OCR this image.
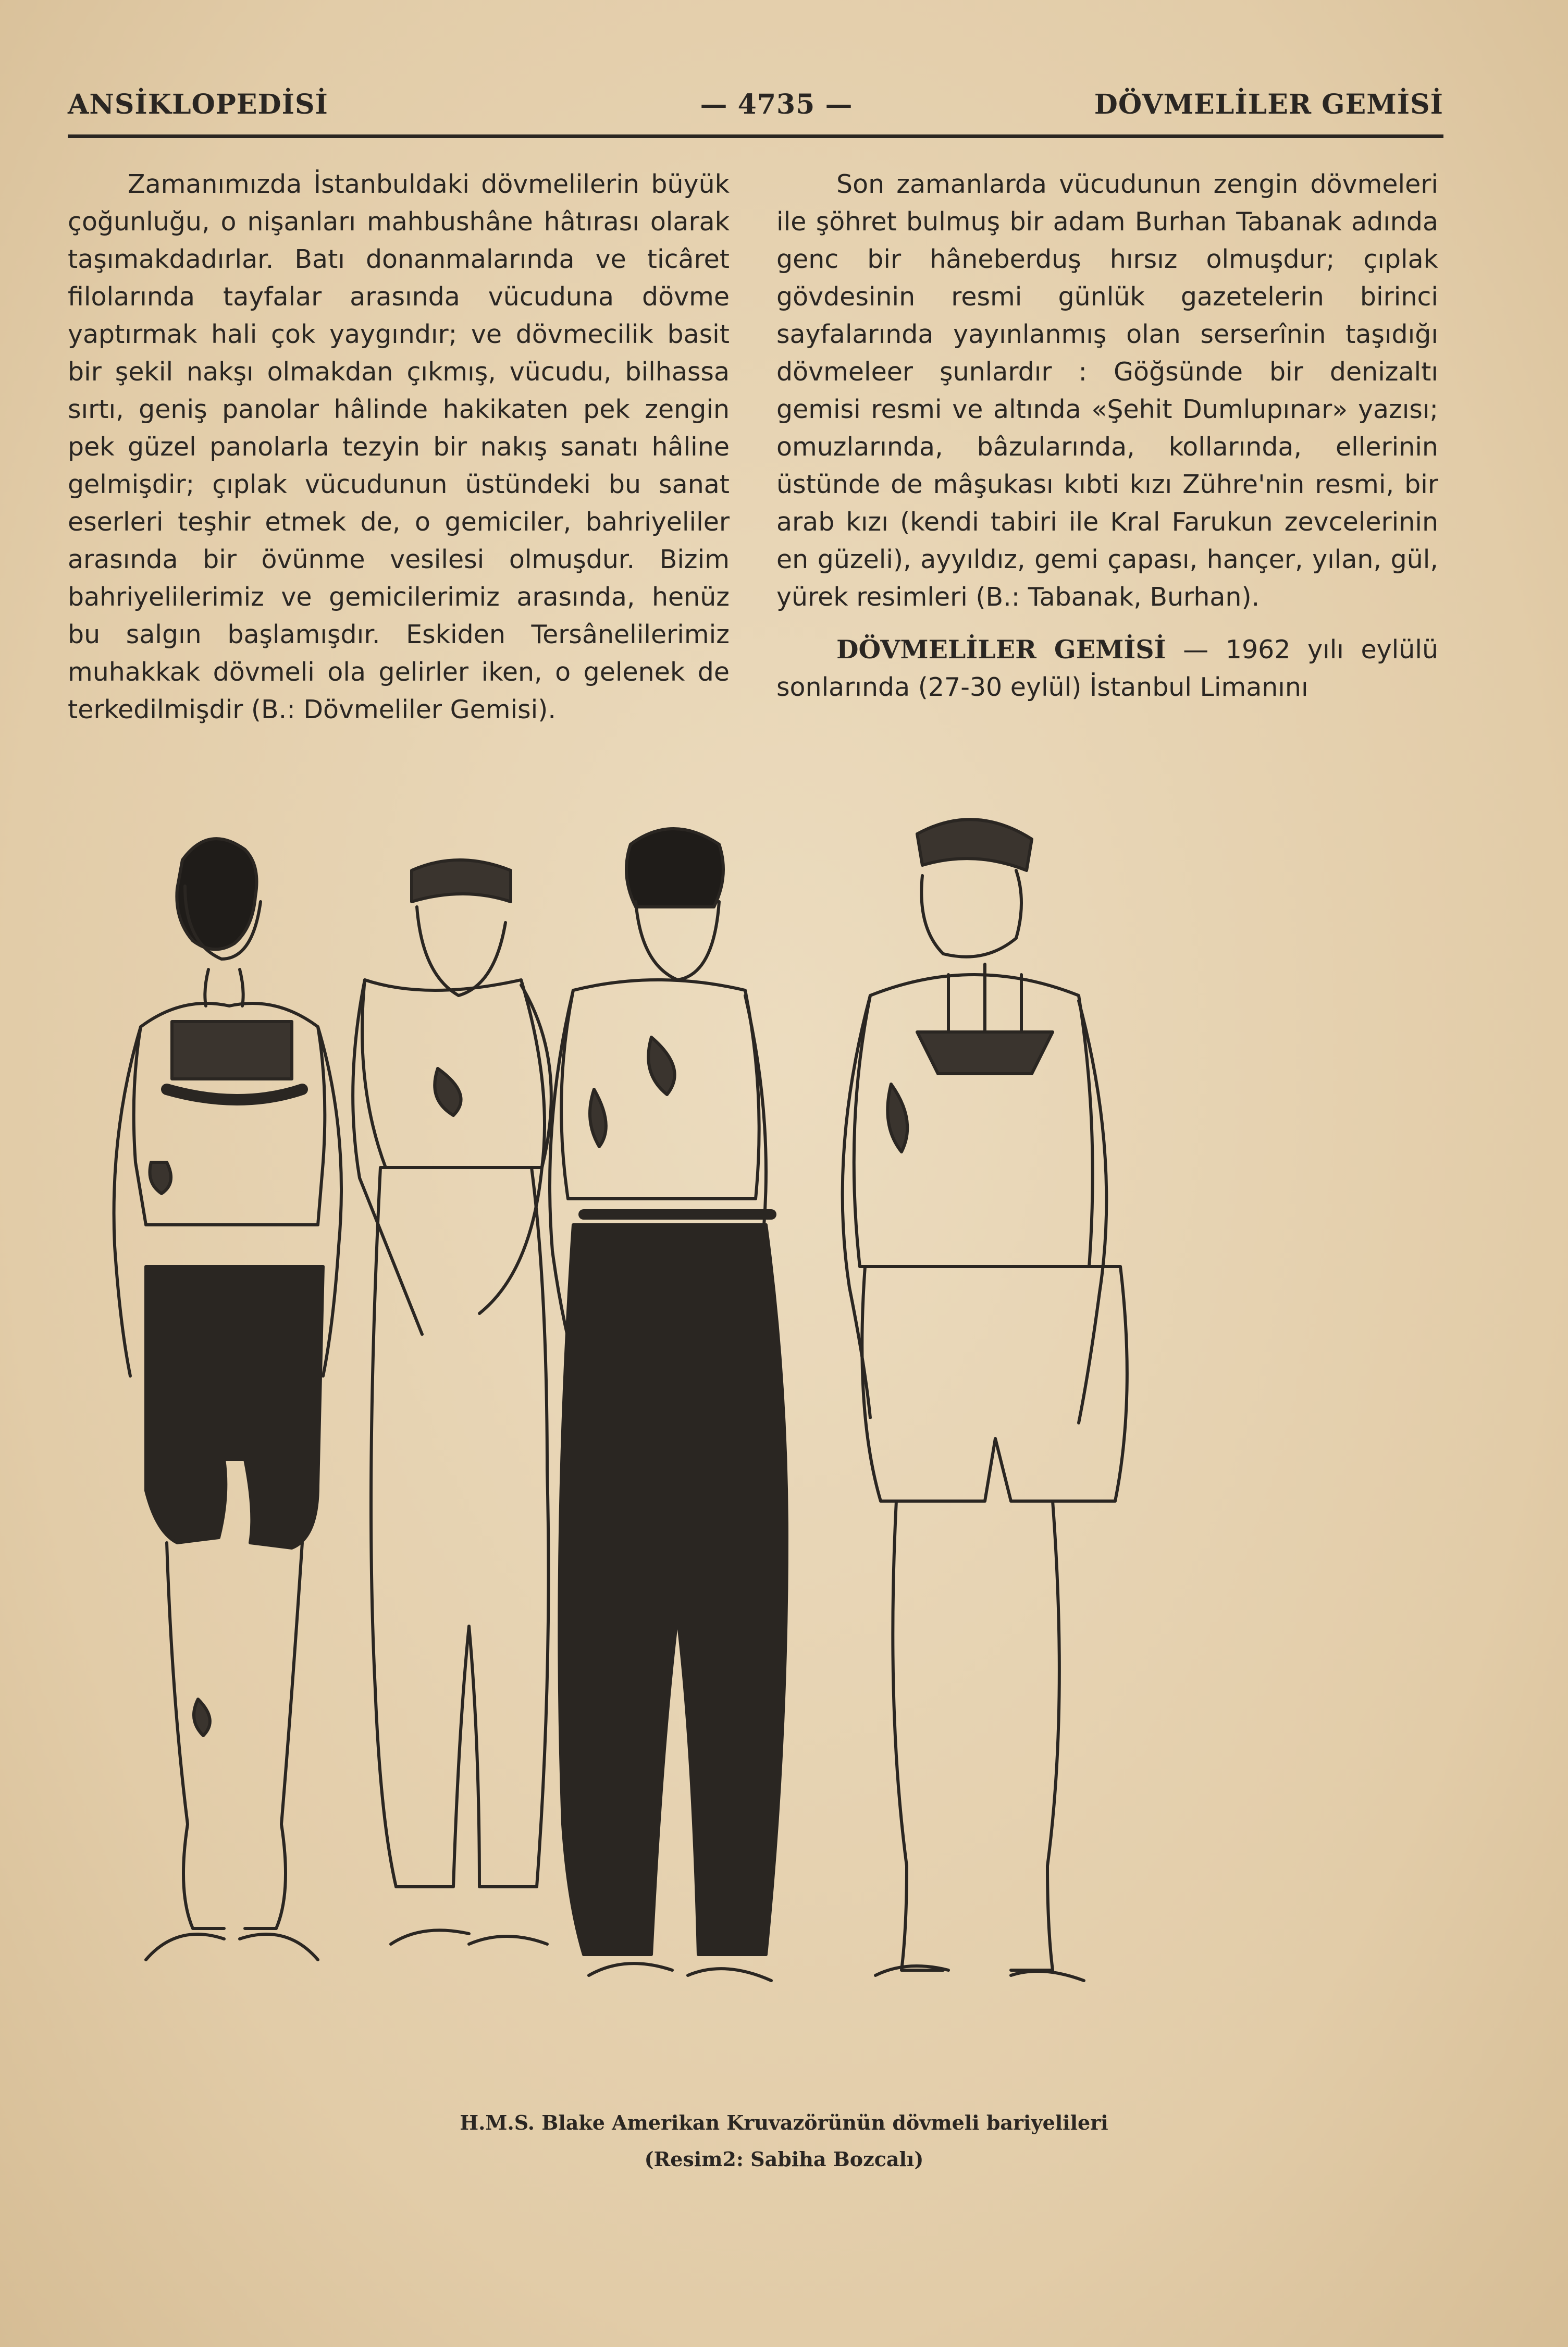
ANSİKLOPEDİSİ	— 4735 —	DÖVMELİLER GEMİSİ

Zamanımızda İstanbuldaki dövmelilerin büyük çoğunluğu, o nişanları mahbushâne hâtırası olarak taşımakdadırlar. Batı donanmalarında ve ticâret filolarında tayfalar arasında vücuduna dövme yaptırmak hali çok yaygındır; ve dövmecilik basit bir şekil nakşı olmakdan çıkmış, vücudu, bilhassa sırtı, geniş panolar hâlinde hakikaten pek zengin pek güzel panolarla tezyin bir nakış sanatı hâline gelmişdir; çıplak vücudunun üstündeki bu sanat eserleri teşhir etmek de, o gemiciler, bahriyeliler arasında bir övünme vesilesi olmuşdur. Bizim bahriyelilerimiz ve gemicilerimiz arasında, henüz bu salgın başlamışdır. Eskiden Tersânelilerimiz muhakkak dövmeli ola gelirler iken, o gelenek de terkedilmişdir (B.: Dövmeliler Gemisi).

Son zamanlarda vücudunun zengin dövmeleri ile şöhret bulmuş bir adam Burhan Tabanak adında genc bir hâneberduş hırsız olmuşdur; çıplak gövdesinin resmi günlük gazetelerin birinci sayfalarında yayınlanmış olan serserînin taşıdığı dövmeleer şunlardır : Göğsünde bir denizaltı gemisi resmi ve altında «Şehit Dumlupınar» yazısı; omuzlarında, bâzularında, kollarında, ellerinin üstünde de mâşukası kıbti kızı Zühre'nin resmi, bir arab kızı (kendi tabiri ile Kral Farukun zevcelerinin en güzeli), ayyıldız, gemi çapası, hançer, yılan, gül, yürek resimleri (B.: Tabanak, Burhan).

DÖVMELİLER GEMİSİ — 1962 yılı eylülü sonlarında (27-30 eylül) İstanbul Limanını

H.M.S. Blake Amerikan Kruvazörünün dövmeli bariyelileri
(Resim2: Sabiha Bozcalı)
